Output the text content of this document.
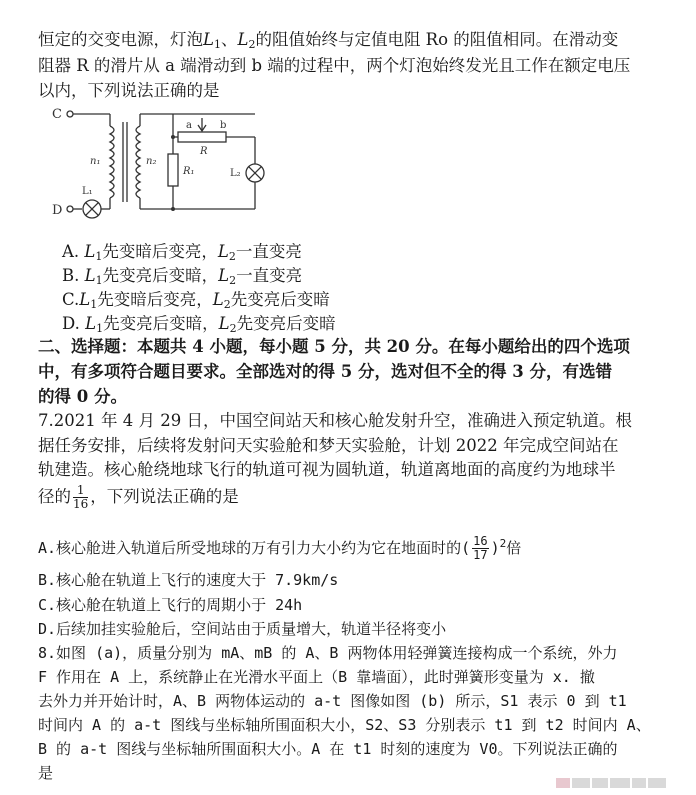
恒定的交变电源，灯泡$L_1$、$L_2$的阻值始终与定值电阻 Ro 的阻值相同。在滑动变
阻器 R 的滑片从 a 端滑动到 b 端的过程中，两个灯泡始终发光且工作在额定电压
以内，下列说法正确的是
C
D
n₁	n₂
a	b
R
R₁
L₁
L₂
A. $L_1$先变暗后变亮，$L_2$一直变亮
B. $L_1$先变亮后变暗，$L_2$一直变亮
$C.L_1$先变暗后变亮，$L_2$先变亮后变暗
D. $L_1$先变亮后变暗，$L_2$先变亮后变暗
二、选择题：本题共 4 小题，每小题 5 分，共 20 分。在每小题给出的四个选项
中，有多项符合题目要求。全部选对的得 5 分，选对但不全的得 3 分，有选错
的得 0 分。
7.2021 年 4 月 29 日，中国空间站天和核心舱发射升空，准确进入预定轨道。根
据任务安排，后续将发射问天实验舱和梦天实验舱，计划 2022 年完成空间站在
轨建造。核心舱绕地球飞行的轨道可视为圆轨道，轨道离地面的高度约为地球半
径的 $\frac{1}{16}$ ，下列说法正确的是
A.核心舱进入轨道后所受地球的万有引力大小约为它在地面时的( $\frac{16}{17} )^2$倍
B.核心舱在轨道上飞行的速度大于 7.9km/s
C.核心舱在轨道上飞行的周期小于 24h
D.后续加挂实验舱后，空间站由于质量增大，轨道半径将变小
8.如图 (a)，质量分别为 mA、mB 的 A、B 两物体用轻弹簧连接构成一个系统，外力
F 作用在 A 上，系统静止在光滑水平面上（B 靠墙面），此时弹簧形变量为 x. 撤
去外力并开始计时，A、B 两物体运动的 a-t 图像如图 (b) 所示，S1 表示 0 到 t1
时间内 A 的 a-t 图线与坐标轴所围面积大小，S2、S3 分别表示 t1 到 t2 时间内 A、
B 的 a-t 图线与坐标轴所围面积大小。A 在 t1 时刻的速度为 V0。下列说法正确的
是
